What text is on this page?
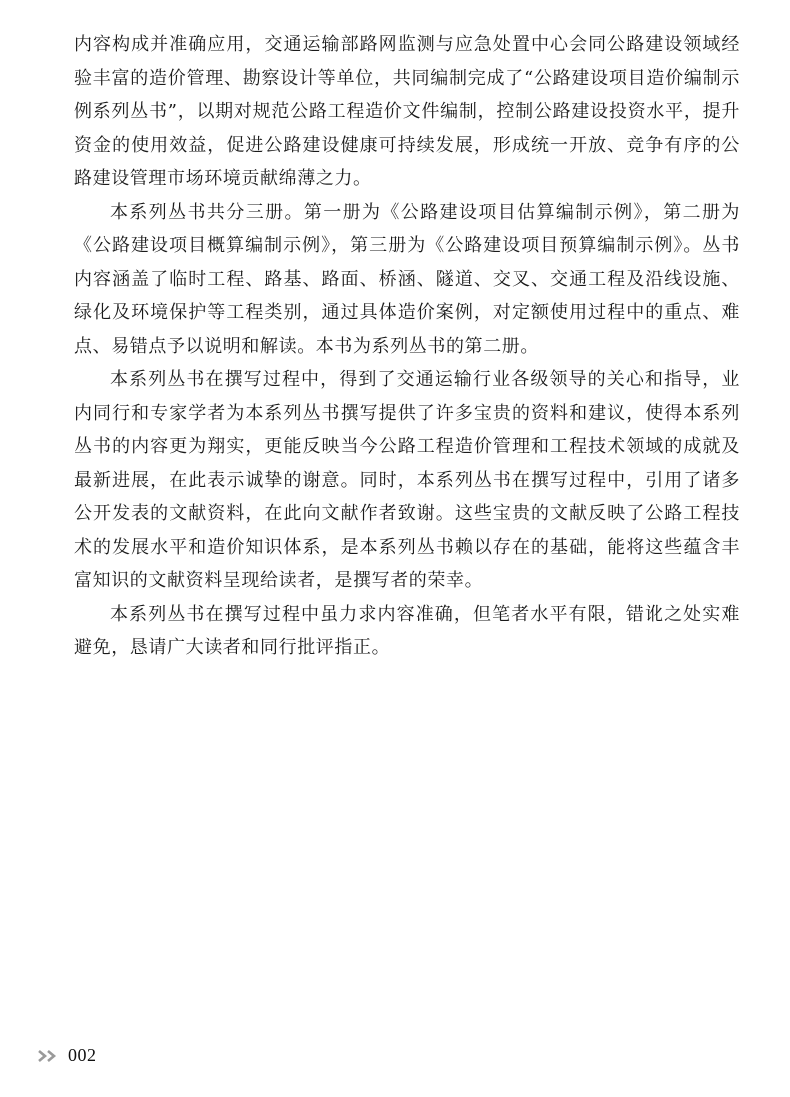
内容构成并准确应用，交通运输部路网监测与应急处置中心会同公路建设领域经验丰富的造价管理、勘察设计等单位，共同编制完成了“公路建设项目造价编制示例系列丛书”，以期对规范公路工程造价文件编制，控制公路建设投资水平，提升资金的使用效益，促进公路建设健康可持续发展，形成统一开放、竞争有序的公路建设管理市场环境贡献绵薄之力。

本系列丛书共分三册。第一册为《公路建设项目估算编制示例》，第二册为《公路建设项目概算编制示例》，第三册为《公路建设项目预算编制示例》。丛书内容涵盖了临时工程、路基、路面、桥涵、隧道、交叉、交通工程及沿线设施、绿化及环境保护等工程类别，通过具体造价案例，对定额使用过程中的重点、难点、易错点予以说明和解读。本书为系列丛书的第二册。

本系列丛书在撰写过程中，得到了交通运输行业各级领导的关心和指导，业内同行和专家学者为本系列丛书撰写提供了许多宝贵的资料和建议，使得本系列丛书的内容更为翔实，更能反映当今公路工程造价管理和工程技术领域的成就及最新进展，在此表示诚挚的谢意。同时，本系列丛书在撰写过程中，引用了诸多公开发表的文献资料，在此向文献作者致谢。这些宝贵的文献反映了公路工程技术的发展水平和造价知识体系，是本系列丛书赖以存在的基础，能将这些蕴含丰富知识的文献资料呈现给读者，是撰写者的荣幸。

本系列丛书在撰写过程中虽力求内容准确，但笔者水平有限，错讹之处实难避免，恳请广大读者和同行批评指正。

002
